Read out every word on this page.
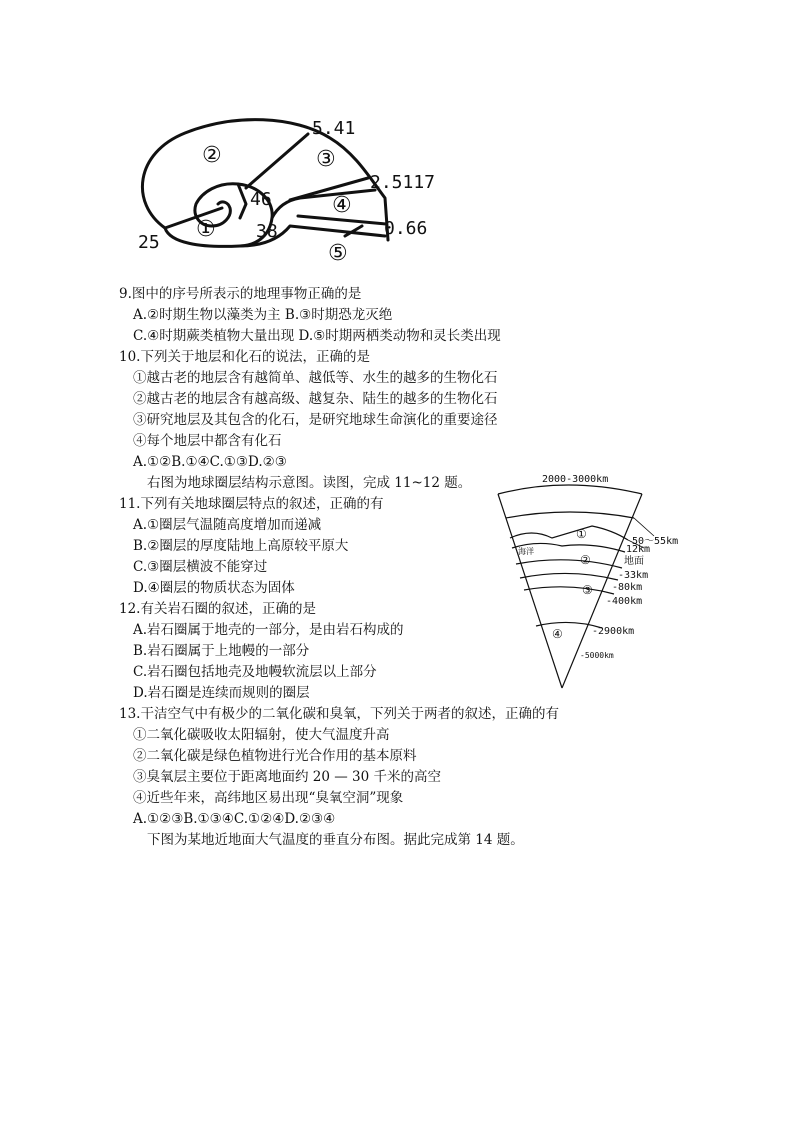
5.41
2.5117
0.66
46
38
25
①
②	③
④
⑤
9.图中的序号所表示的地理事物正确的是
A.②时期生物以藻类为主 B.③时期恐龙灭绝
C.④时期蕨类植物大量出现 D.⑤时期两栖类动物和灵长类出现
10.下列关于地层和化石的说法，正确的是
①越古老的地层含有越简单、越低等、水生的越多的生物化石
②越古老的地层含有越高级、越复杂、陆生的越多的生物化石
③研究地层及其包含的化石，是研究地球生命演化的重要途径
④每个地层中都含有化石
A.①②B.①④C.①③D.②③
右图为地球圈层结构示意图。读图，完成 11~12 题。
11.下列有关地球圈层特点的叙述，正确的有
A.①圈层气温随高度增加而递减
B.②圈层的厚度陆地上高原较平原大
C.③圈层横波不能穿过
D.④圈层的物质状态为固体
12.有关岩石圈的叙述，正确的是
A.岩石圈属于地壳的一部分，是由岩石构成的
B.岩石圈属于上地幔的一部分
C.岩石圈包括地壳及地幔软流层以上部分
D.岩石圈是连续而规则的圈层
13.干洁空气中有极少的二氧化碳和臭氧，下列关于两者的叙述，正确的有
①二氧化碳吸收太阳辐射，使大气温度升高
②二氧化碳是绿色植物进行光合作用的基本原料
③臭氧层主要位于距离地面约 20 — 30 千米的高空
④近些年来，高纬地区易出现“臭氧空洞”现象
A.①②③B.①③④C.①②④D.②③④
下图为某地近地面大气温度的垂直分布图。据此完成第 14 题。
2000-3000km
①
海洋
②
③
④
50～55km
12km
地面
-33km
-80km
-400km
-2900km
-5000km
